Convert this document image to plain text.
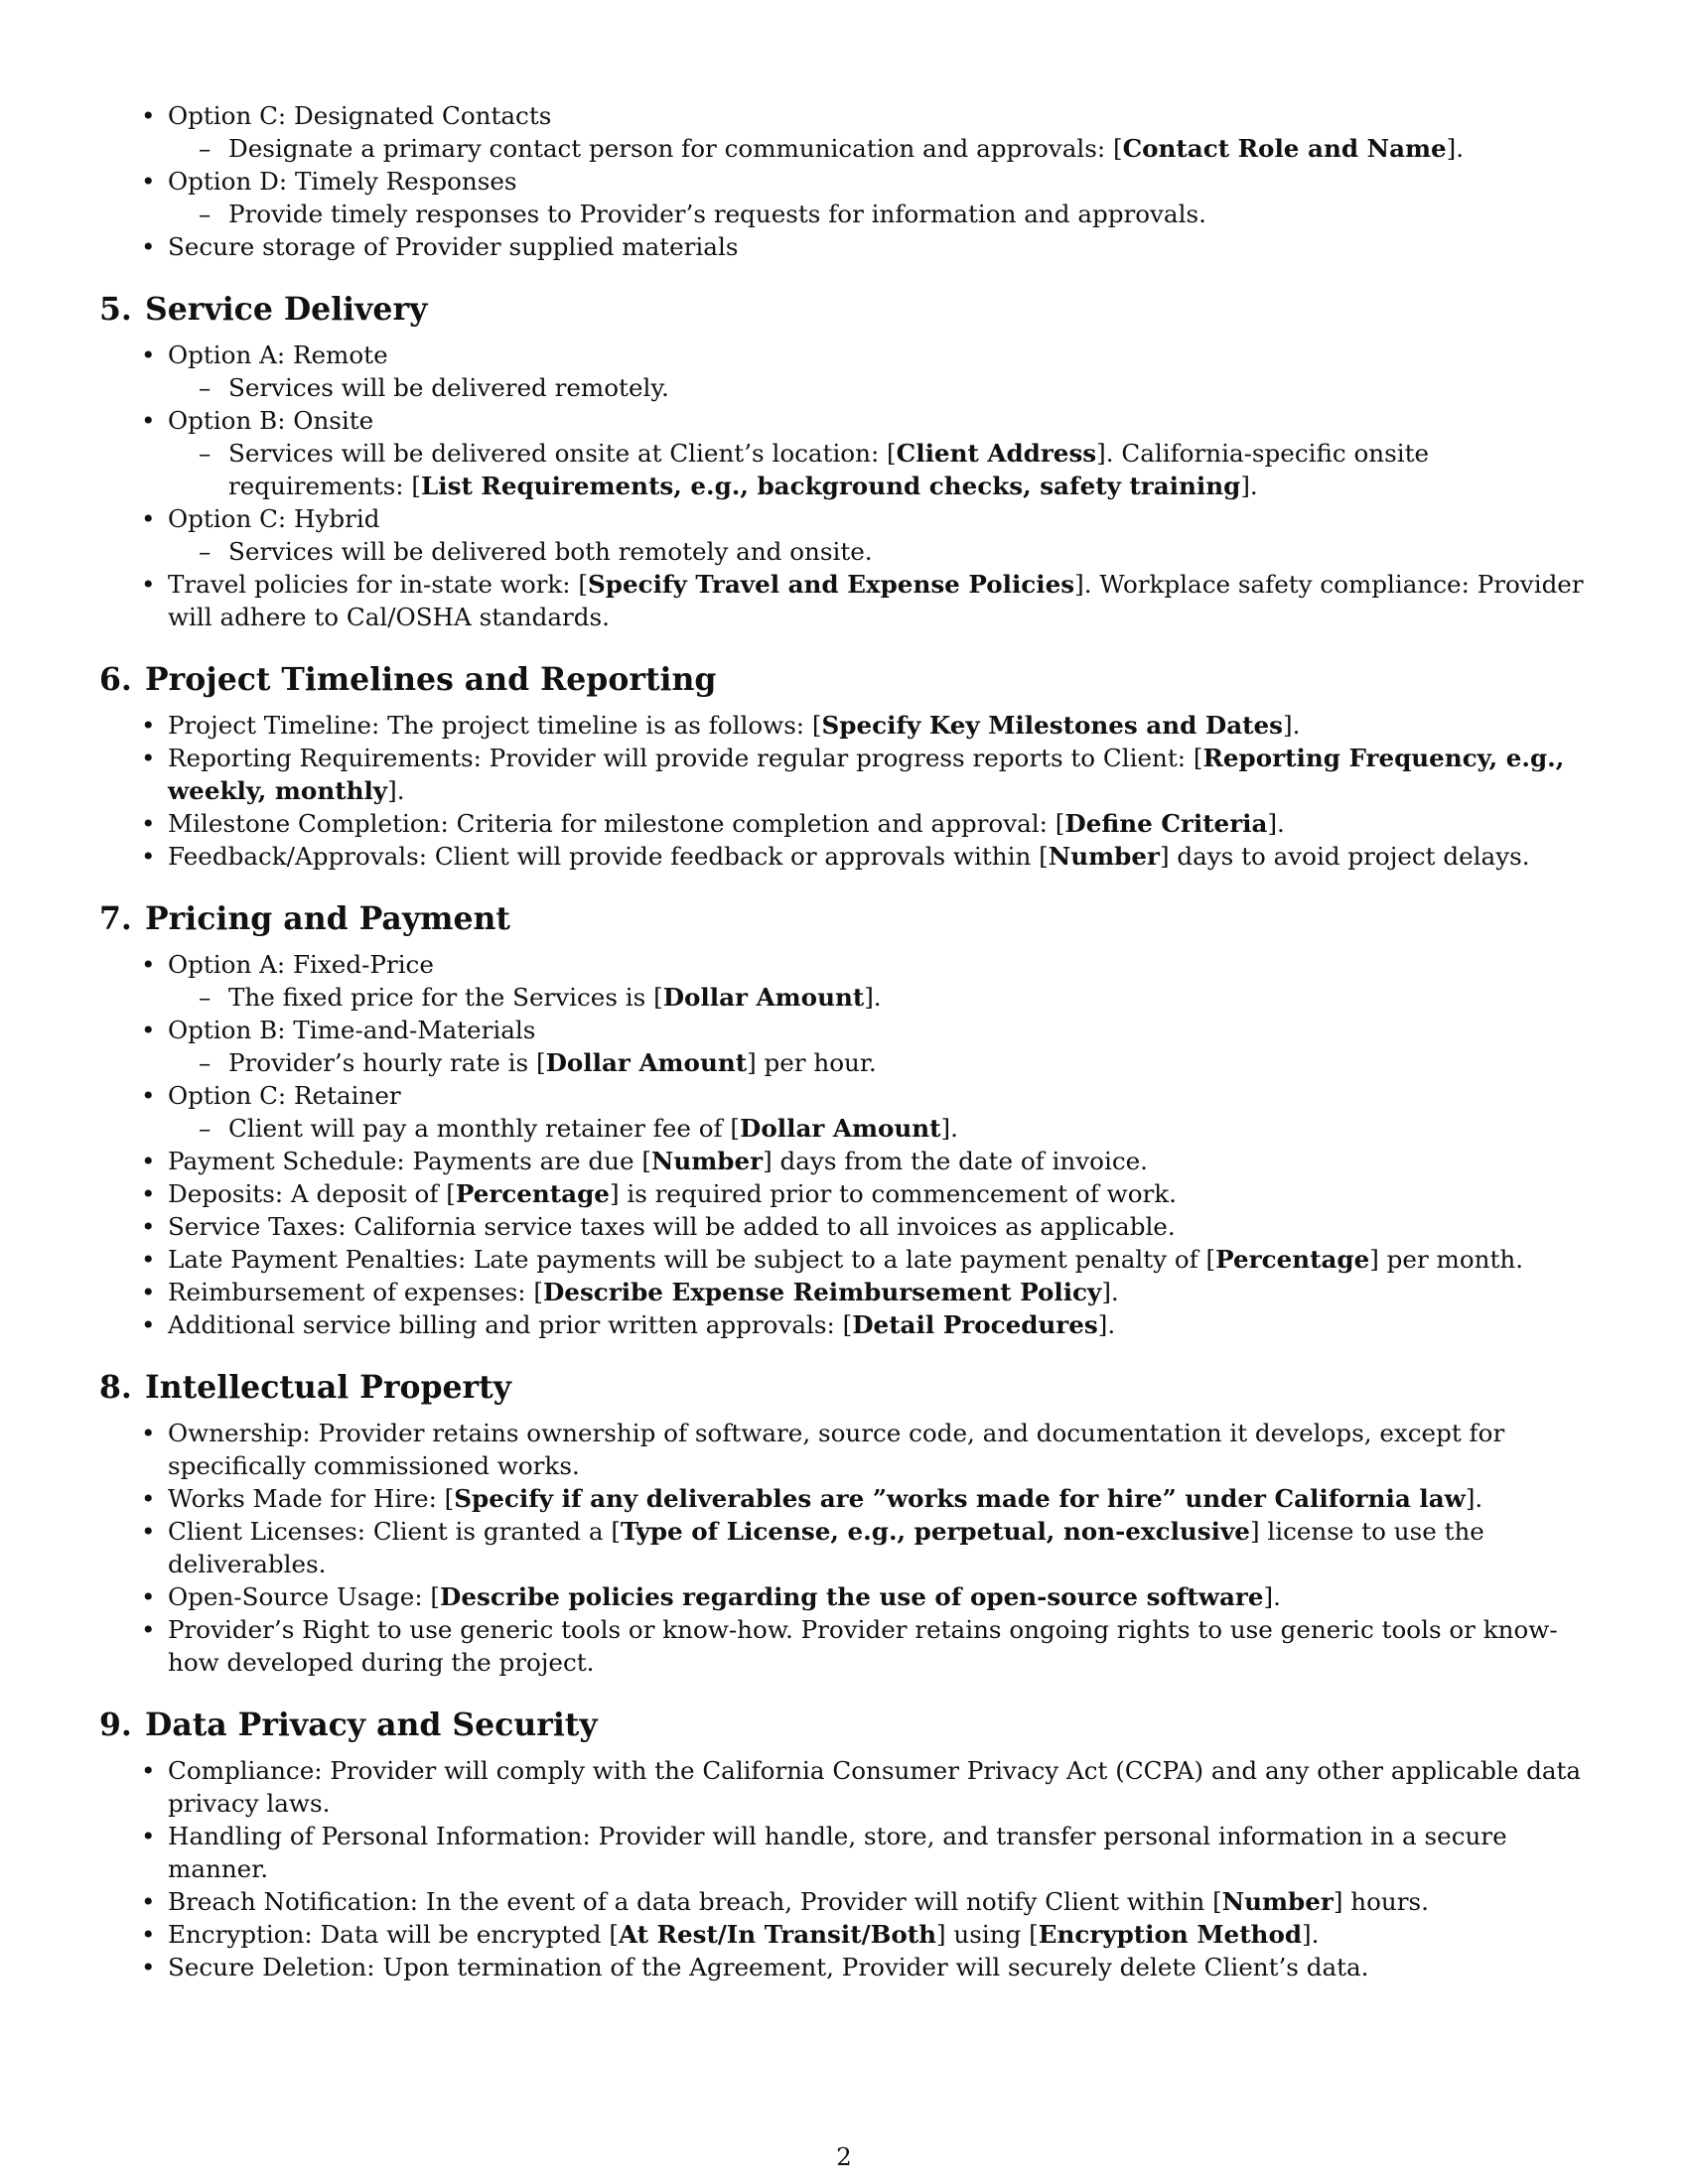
• Option C: Designated Contacts
– Designate a primary contact person for communication and approvals: [Contact Role and Name].
• Option D: Timely Responses
– Provide timely responses to Provider’s requests for information and approvals.
• Secure storage of Provider supplied materials
5. Service Delivery
• Option A: Remote
– Services will be delivered remotely.
• Option B: Onsite
– Services will be delivered onsite at Client’s location: [Client Address]. California-specific onsite requirements: [List Requirements, e.g., background checks, safety training].
• Option C: Hybrid
– Services will be delivered both remotely and onsite.
• Travel policies for in-state work: [Specify Travel and Expense Policies]. Workplace safety compliance: Provider will adhere to Cal/OSHA standards.
6. Project Timelines and Reporting
• Project Timeline: The project timeline is as follows: [Specify Key Milestones and Dates].
• Reporting Requirements: Provider will provide regular progress reports to Client: [Reporting Frequency, e.g., weekly, monthly].
• Milestone Completion: Criteria for milestone completion and approval: [Define Criteria].
• Feedback/Approvals: Client will provide feedback or approvals within [Number] days to avoid project delays.
7. Pricing and Payment
• Option A: Fixed-Price
– The fixed price for the Services is [Dollar Amount].
• Option B: Time-and-Materials
– Provider’s hourly rate is [Dollar Amount] per hour.
• Option C: Retainer
– Client will pay a monthly retainer fee of [Dollar Amount].
• Payment Schedule: Payments are due [Number] days from the date of invoice.
• Deposits: A deposit of [Percentage] is required prior to commencement of work.
• Service Taxes: California service taxes will be added to all invoices as applicable.
• Late Payment Penalties: Late payments will be subject to a late payment penalty of [Percentage] per month.
• Reimbursement of expenses: [Describe Expense Reimbursement Policy].
• Additional service billing and prior written approvals: [Detail Procedures].
8. Intellectual Property
• Ownership: Provider retains ownership of software, source code, and documentation it develops, except for specifically commissioned works.
• Works Made for Hire: [Specify if any deliverables are ”works made for hire” under California law].
• Client Licenses: Client is granted a [Type of License, e.g., perpetual, non-exclusive] license to use the deliverables.
• Open-Source Usage: [Describe policies regarding the use of open-source software].
• Provider’s Right to use generic tools or know-how. Provider retains ongoing rights to use generic tools or know-how developed during the project.
9. Data Privacy and Security
• Compliance: Provider will comply with the California Consumer Privacy Act (CCPA) and any other applicable data privacy laws.
• Handling of Personal Information: Provider will handle, store, and transfer personal information in a secure manner.
• Breach Notification: In the event of a data breach, Provider will notify Client within [Number] hours.
• Encryption: Data will be encrypted [At Rest/In Transit/Both] using [Encryption Method].
• Secure Deletion: Upon termination of the Agreement, Provider will securely delete Client’s data.
2
